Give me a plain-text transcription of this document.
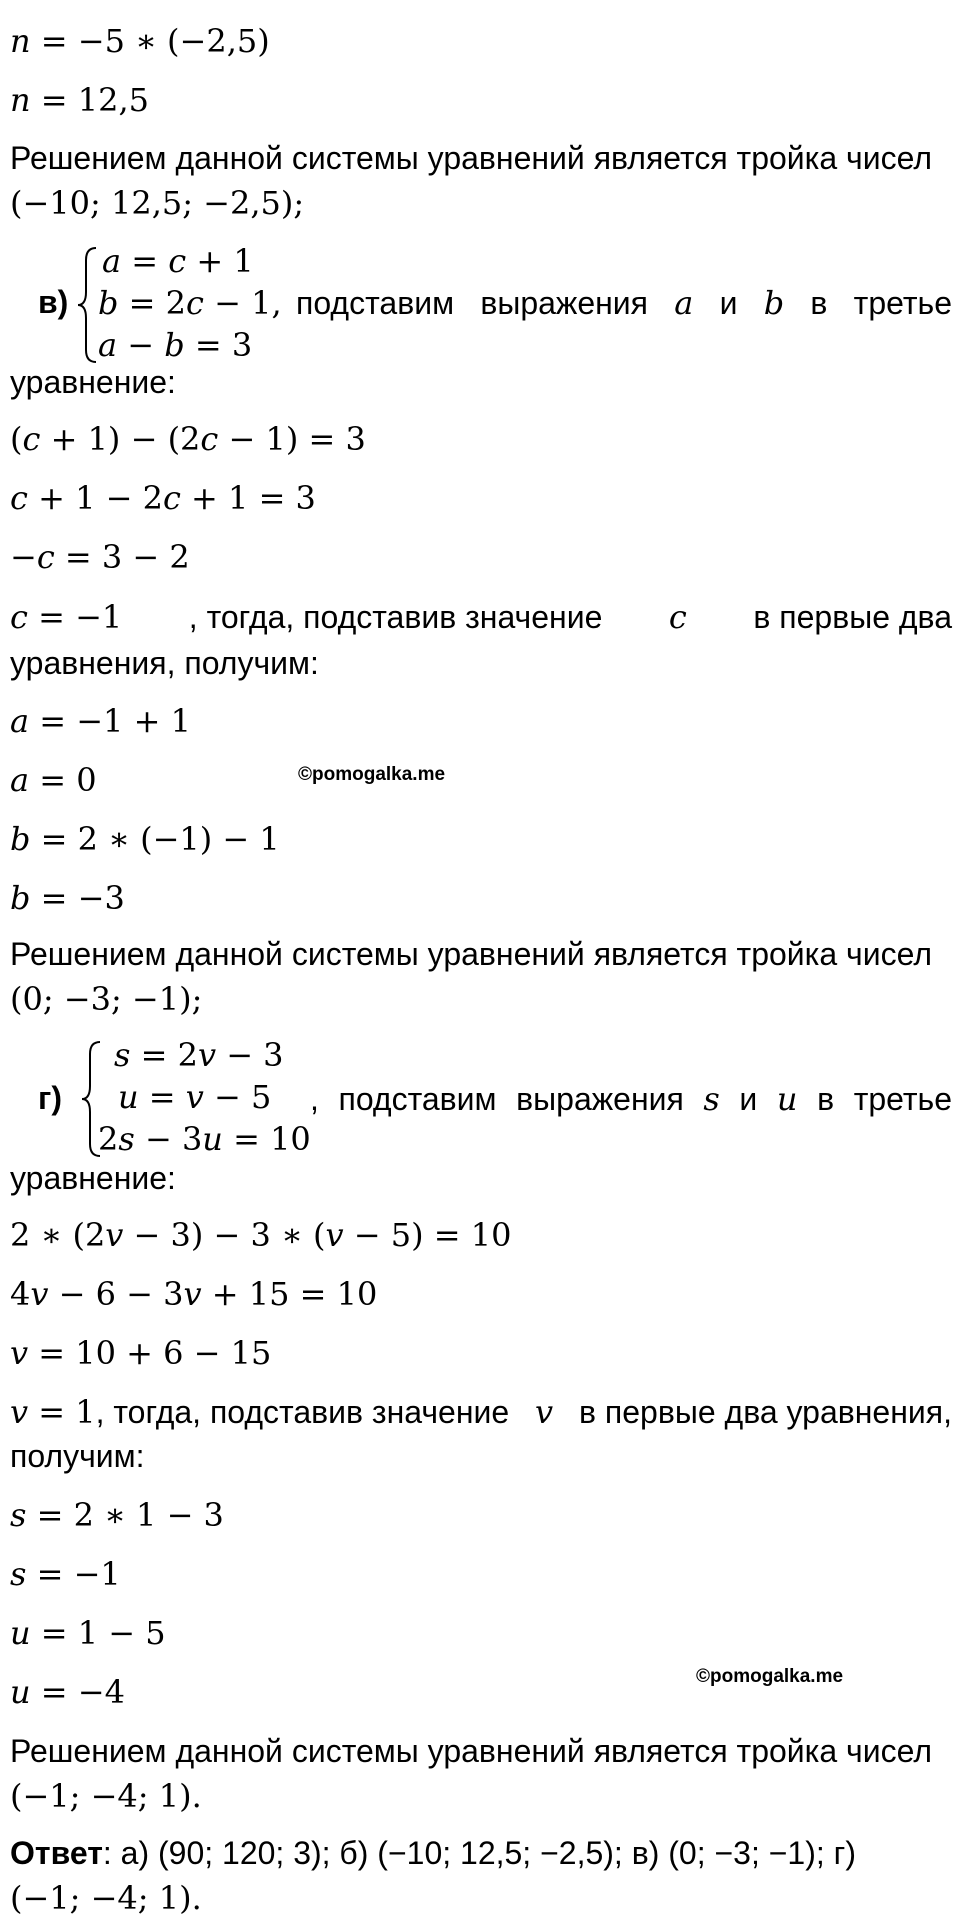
𝑛 = −5 ∗ (−2,5)
𝑛 = 12,5
Решением данной системы уравнений является тройка чисел
(−10; 12,5; −2,5);
в)
𝑎 = 𝑐 + 1
𝑏 = 2𝑐 − 1,
𝑎 − 𝑏 = 3
подставим выражения 𝑎 и 𝑏 в третье
уравнение:
(𝑐 + 1) − (2𝑐 − 1) = 3
𝑐 + 1 − 2𝑐 + 1 = 3
−𝑐 = 3 − 2
𝑐 = −1 , тогда, подставив значение 𝑐 в первые два
уравнения, получим:
𝑎 = −1 + 1
𝑎 = 0	©pomogalka.me
𝑏 = 2 ∗ (−1) − 1
𝑏 = −3
Решением данной системы уравнений является тройка чисел
(0; −3; −1);
г)
𝑠 = 2𝑣 − 3
𝑢 = 𝑣 − 5
2𝑠 − 3𝑢 = 10
, подставим выражения 𝑠 и 𝑢 в третье
уравнение:
2 ∗ (2𝑣 − 3) − 3 ∗ (𝑣 − 5) = 10
4𝑣 − 6 − 3𝑣 + 15 = 10
𝑣 = 10 + 6 − 15
𝑣 = 1, тогда, подставив значение 𝑣 в первые два уравнения,
получим:
𝑠 = 2 ∗ 1 − 3
𝑠 = −1
𝑢 = 1 − 5
𝑢 = −4	©pomogalka.me
Решением данной системы уравнений является тройка чисел
(−1; −4; 1).
Ответ: а) (90; 120; 3); б) (−10; 12,5; −2,5); в) (0; −3; −1); г)
(−1; −4; 1).
